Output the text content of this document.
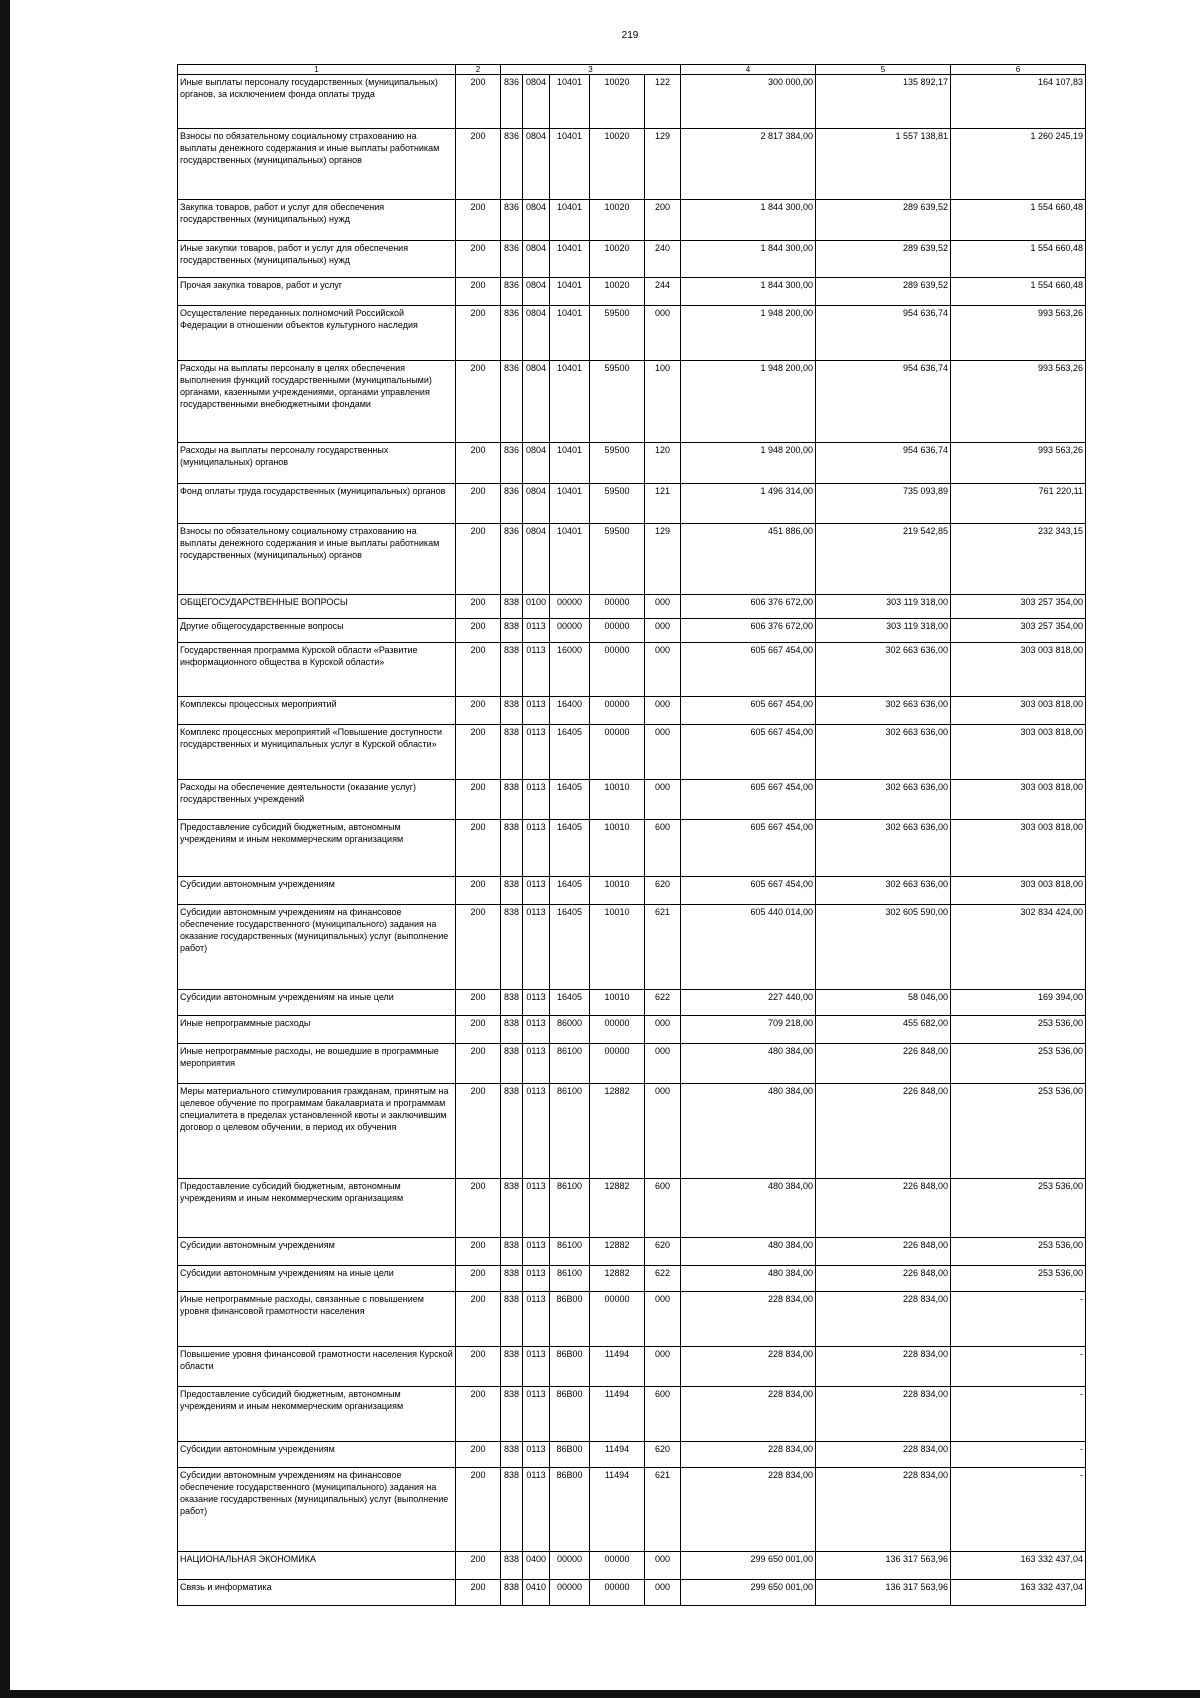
219
1	2	3					4	5	6
Иные выплаты персоналу государственных (муниципальных) органов, за исключением фонда оплаты труда	200	836	0804	10401	10020	122	300 000,00	135 892,17	164 107,83
Взносы по обязательному социальному страхованию на выплаты денежного содержания и иные выплаты работникам государственных (муниципальных) органов	200	836	0804	10401	10020	129	2 817 384,00	1 557 138,81	1 260 245,19
Закупка товаров, работ и услуг для обеспечения государственных (муниципальных) нужд	200	836	0804	10401	10020	200	1 844 300,00	289 639,52	1 554 660,48
Иные закупки товаров, работ и услуг для обеспечения государственных (муниципальных) нужд	200	836	0804	10401	10020	240	1 844 300,00	289 639,52	1 554 660,48
Прочая закупка товаров, работ и услуг	200	836	0804	10401	10020	244	1 844 300,00	289 639,52	1 554 660,48
Осуществление переданных полномочий Российской Федерации в отношении объектов культурного наследия	200	836	0804	10401	59500	000	1 948 200,00	954 636,74	993 563,26
Расходы на выплаты персоналу в целях обеспечения выполнения функций государственными (муниципальными) органами, казенными учреждениями, органами управления государственными внебюджетными фондами	200	836	0804	10401	59500	100	1 948 200,00	954 636,74	993 563,26
Расходы на выплаты персоналу государственных (муниципальных) органов	200	836	0804	10401	59500	120	1 948 200,00	954 636,74	993 563,26
Фонд оплаты труда государственных (муниципальных) органов	200	836	0804	10401	59500	121	1 496 314,00	735 093,89	761 220,11
Взносы по обязательному социальному страхованию на выплаты денежного содержания и иные выплаты работникам государственных (муниципальных) органов	200	836	0804	10401	59500	129	451 886,00	219 542,85	232 343,15
ОБЩЕГОСУДАРСТВЕННЫЕ ВОПРОСЫ	200	838	0100	00000	00000	000	606 376 672,00	303 119 318,00	303 257 354,00
Другие общегосударственные вопросы	200	838	0113	00000	00000	000	606 376 672,00	303 119 318,00	303 257 354,00
Государственная программа Курской области «Развитие информационного общества в Курской области»	200	838	0113	16000	00000	000	605 667 454,00	302 663 636,00	303 003 818,00
Комплексы процессных мероприятий	200	838	0113	16400	00000	000	605 667 454,00	302 663 636,00	303 003 818,00
Комплекс процессных мероприятий «Повышение доступности государственных и муниципальных услуг в Курской области»	200	838	0113	16405	00000	000	605 667 454,00	302 663 636,00	303 003 818,00
Расходы на обеспечение деятельности (оказание услуг) государственных учреждений	200	838	0113	16405	10010	000	605 667 454,00	302 663 636,00	303 003 818,00
Предоставление субсидий бюджетным, автономным учреждениям и иным некоммерческим организациям	200	838	0113	16405	10010	600	605 667 454,00	302 663 636,00	303 003 818,00
Субсидии автономным учреждениям	200	838	0113	16405	10010	620	605 667 454,00	302 663 636,00	303 003 818,00
Субсидии автономным учреждениям на финансовое обеспечение государственного (муниципального) задания на оказание государственных (муниципальных) услуг (выполнение работ)	200	838	0113	16405	10010	621	605 440 014,00	302 605 590,00	302 834 424,00
Субсидии автономным учреждениям на иные цели	200	838	0113	16405	10010	622	227 440,00	58 046,00	169 394,00
Иные непрограммные расходы	200	838	0113	86000	00000	000	709 218,00	455 682,00	253 536,00
Иные непрограммные расходы, не вошедшие в программные мероприятия	200	838	0113	86100	00000	000	480 384,00	226 848,00	253 536,00
Меры материального стимулирования гражданам, принятым на целевое обучение по программам бакалавриата и программам специалитета в пределах установленной квоты и заключившим договор о целевом обучении, в период их обучения	200	838	0113	86100	12882	000	480 384,00	226 848,00	253 536,00
Предоставление субсидий бюджетным, автономным учреждениям и иным некоммерческим организациям	200	838	0113	86100	12882	600	480 384,00	226 848,00	253 536,00
Субсидии автономным учреждениям	200	838	0113	86100	12882	620	480 384,00	226 848,00	253 536,00
Субсидии автономным учреждениям на иные цели	200	838	0113	86100	12882	622	480 384,00	226 848,00	253 536,00
Иные непрограммные расходы, связанные с повышением уровня финансовой грамотности населения	200	838	0113	86В00	00000	000	228 834,00	228 834,00	-
Повышение уровня финансовой грамотности населения Курской области	200	838	0113	86В00	11494	000	228 834,00	228 834,00	-
Предоставление субсидий бюджетным, автономным учреждениям и иным некоммерческим организациям	200	838	0113	86В00	11494	600	228 834,00	228 834,00	-
Субсидии автономным учреждениям	200	838	0113	86В00	11494	620	228 834,00	228 834,00	-
Субсидии автономным учреждениям на финансовое обеспечение государственного (муниципального) задания на оказание государственных (муниципальных) услуг (выполнение работ)	200	838	0113	86В00	11494	621	228 834,00	228 834,00	-
НАЦИОНАЛЬНАЯ ЭКОНОМИКА	200	838	0400	00000	00000	000	299 650 001,00	136 317 563,96	163 332 437,04
Связь и информатика	200	838	0410	00000	00000	000	299 650 001,00	136 317 563,96	163 332 437,04
